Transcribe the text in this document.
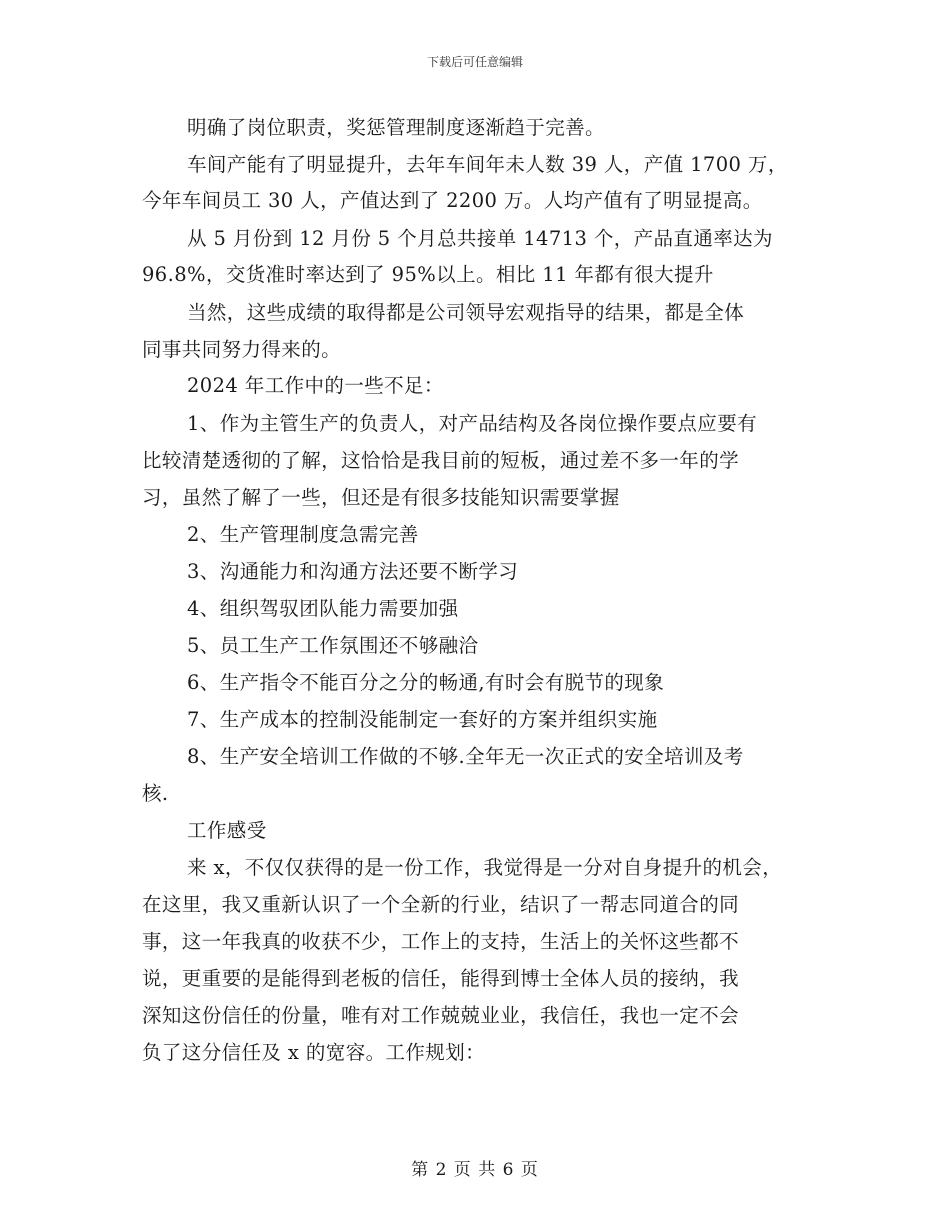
下载后可任意编辑
明确了岗位职责，奖惩管理制度逐渐趋于完善。
车间产能有了明显提升，去年车间年未人数 39 人，产值 1700 万，
今年车间员工 30 人，产值达到了 2200 万。人均产值有了明显提高。
从 5 月份到 12 月份 5 个月总共接单 14713 个，产品直通率达为
96.8%，交货准时率达到了 95%以上。相比 11 年都有很大提升
当然，这些成绩的取得都是公司领导宏观指导的结果，都是全体
同事共同努力得来的。
2024 年工作中的一些不足：
1、作为主管生产的负责人，对产品结构及各岗位操作要点应要有
比较清楚透彻的了解，这恰恰是我目前的短板，通过差不多一年的学
习，虽然了解了一些，但还是有很多技能知识需要掌握
2、生产管理制度急需完善
3、沟通能力和沟通方法还要不断学习
4、组织驾驭团队能力需要加强
5、员工生产工作氛围还不够融洽
6、生产指令不能百分之分的畅通,有时会有脱节的现象
7、生产成本的控制没能制定一套好的方案并组织实施
8、生产安全培训工作做的不够.全年无一次正式的安全培训及考
核.
工作感受
来 x，不仅仅获得的是一份工作，我觉得是一分对自身提升的机会，
在这里，我又重新认识了一个全新的行业，结识了一帮志同道合的同
事，这一年我真的收获不少，工作上的支持，生活上的关怀这些都不
说，更重要的是能得到老板的信任，能得到博士全体人员的接纳，我
深知这份信任的份量，唯有对工作兢兢业业，我信任，我也一定不会
负了这分信任及 x 的宽容。工作规划：
第 2 页 共 6 页
